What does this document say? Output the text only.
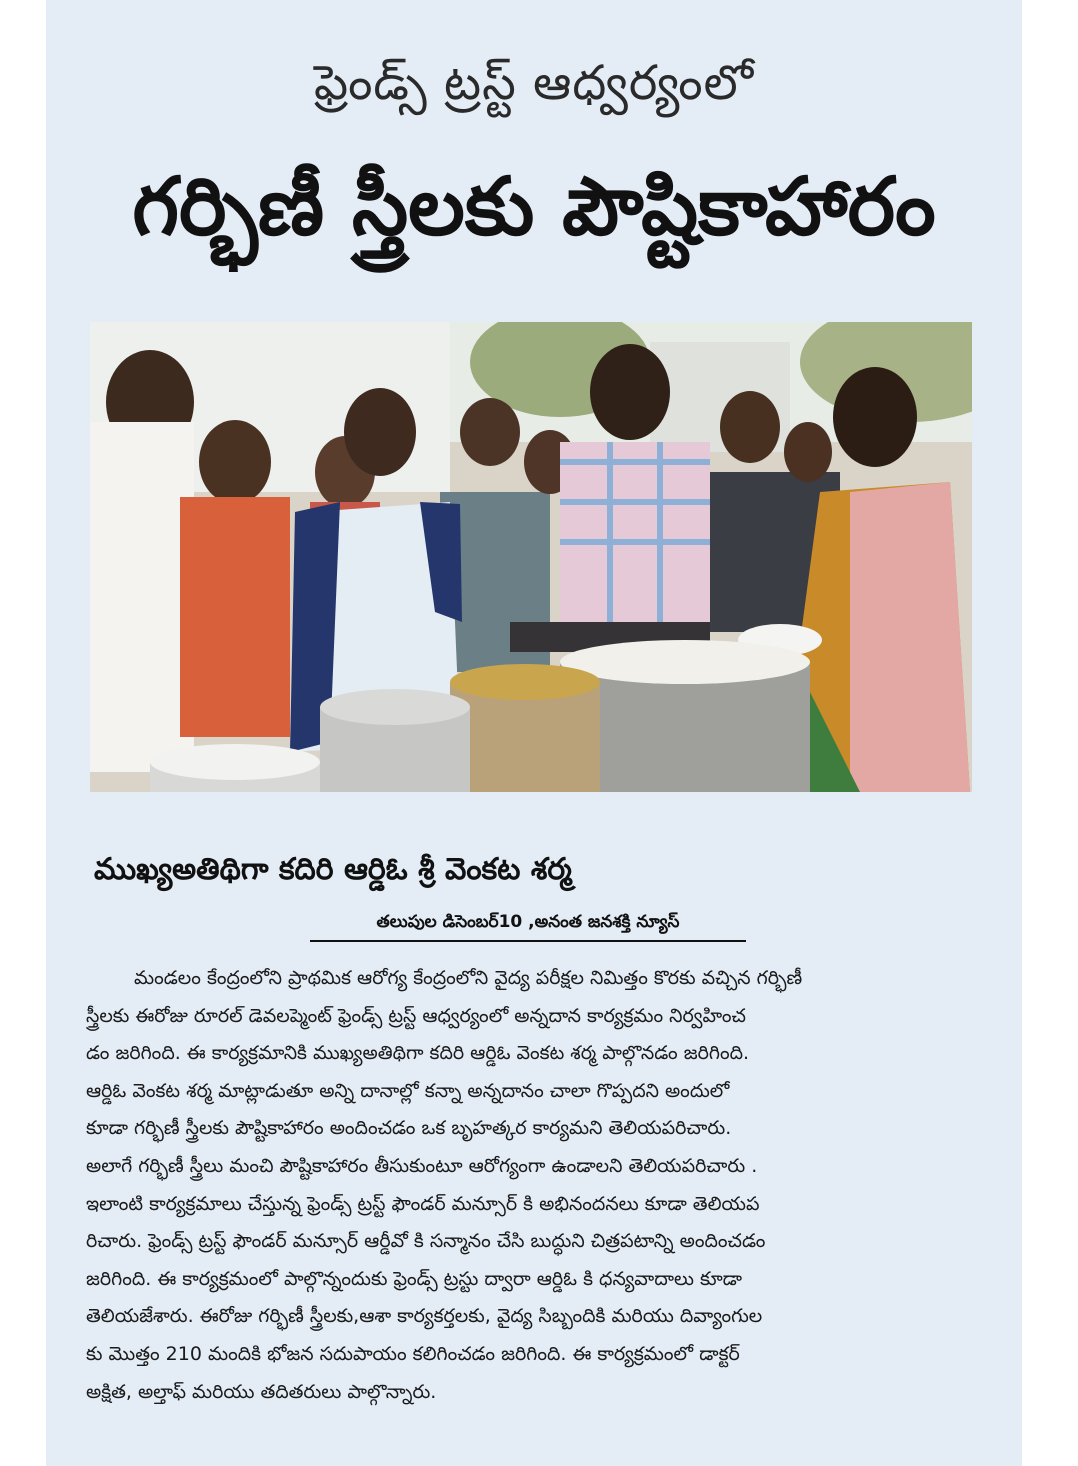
ఫ్రెండ్స్ ట్రస్ట్ ఆధ్వర్యంలో
గర్భిణీ స్త్రీలకు పౌష్టికాహారం
ముఖ్యఅతిథిగా కదిరి ఆర్డిఓ శ్రీ వెంకట శర్మ
తలుపుల డిసెంబర్10 ,అనంత జనశక్తి న్యూస్
మండలం కేంద్రంలోని ప్రాథమిక ఆరోగ్య కేంద్రంలోని వైద్య పరీక్షల నిమిత్తం కొరకు వచ్చిన గర్భిణీ
స్త్రీలకు ఈరోజు రూరల్ డెవలప్మెంట్ ఫ్రెండ్స్ ట్రస్ట్ ఆధ్వర్యంలో అన్నదాన కార్యక్రమం నిర్వహించ
డం జరిగింది. ఈ కార్యక్రమానికి ముఖ్యఅతిథిగా కదిరి ఆర్డిఓ వెంకట శర్మ పాల్గొనడం జరిగింది.
ఆర్డిఓ వెంకట శర్మ మాట్లాడుతూ అన్ని దానాల్లో కన్నా అన్నదానం చాలా గొప్పదని అందులో
కూడా గర్భిణీ స్త్రీలకు పౌష్టికాహారం అందించడం ఒక బృహత్కర కార్యమని తెలియపరిచారు.
అలాగే గర్భిణీ స్త్రీలు మంచి పౌష్టికాహారం తీసుకుంటూ ఆరోగ్యంగా ఉండాలని తెలియపరిచారు .
ఇలాంటి కార్యక్రమాలు చేస్తున్న ఫ్రెండ్స్ ట్రస్ట్ ఫౌండర్ మన్సూర్ కి అభినందనలు కూడా తెలియప
రిచారు. ఫ్రెండ్స్ ట్రస్ట్ ఫౌండర్ మన్సూర్ ఆర్డీవో కి సన్మానం చేసి బుద్ధుని చిత్రపటాన్ని అందించడం
జరిగింది. ఈ కార్యక్రమంలో పాల్గొన్నందుకు ఫ్రెండ్స్ ట్రస్టు ద్వారా ఆర్డిఓ కి ధన్యవాదాలు కూడా
తెలియజేశారు. ఈరోజు గర్భిణీ స్త్రీలకు,ఆశా కార్యకర్తలకు, వైద్య సిబ్బందికి మరియు దివ్యాంగుల
కు మొత్తం 210 మందికి భోజన సదుపాయం కలిగించడం జరిగింది. ఈ కార్యక్రమంలో డాక్టర్
అక్షిత, అల్తాఫ్ మరియు తదితరులు పాల్గొన్నారు.
